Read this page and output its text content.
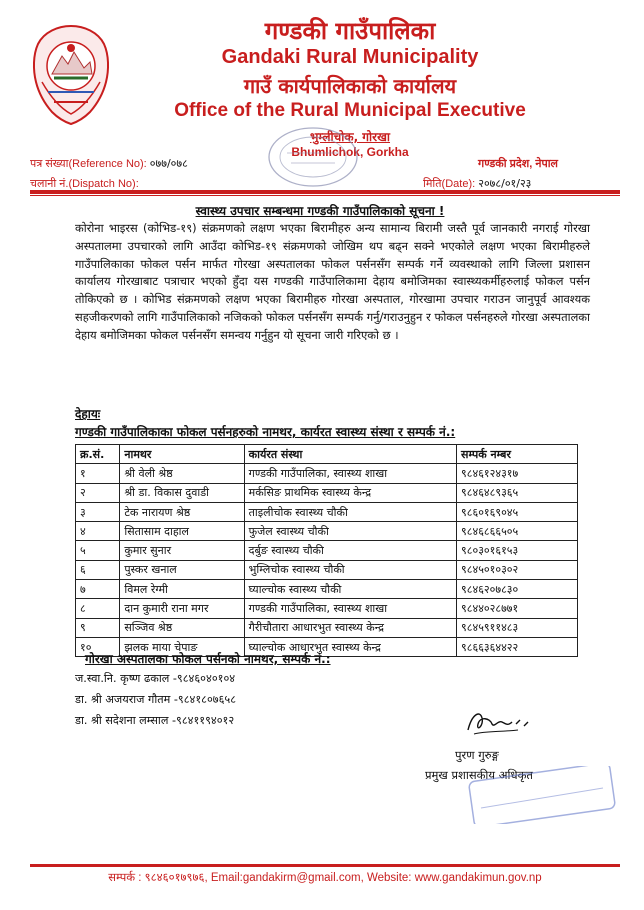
गण्डकी गाउँपालिका
Gandaki Rural Municipality
गाउँ कार्यपालिकाको कार्यालय
Office of the Rural Municipal Executive
भुम्लीचोक, गोरखा
Bhumlichok, Gorkha
पत्र संख्या(Reference No): ०७७/०७८
चलानी नं.(Dispatch No):
गण्डकी प्रदेश, नेपाल
मिति(Date): २०७८/०१/२३
स्वास्थ्य उपचार सम्बन्धमा गण्डकी गाउँपालिकाको सूचना !
कोरोना भाइरस (कोभिड-१९) संक्रमणको लक्षण भएका बिरामीहरु अन्य सामान्य बिरामी जस्तै पूर्व जानकारी नगराई गोरखा अस्पतालमा उपचारको लागि आउँदा कोभिड-१९ संक्रमणको जोखिम थप बढ्न सक्ने भएकोले लक्षण भएका बिरामीहरुले गाउँपालिकाका फोकल पर्सन मार्फत गोरखा अस्पतालका फोकल पर्सनसँग सम्पर्क गर्ने व्यवस्थाको लागि जिल्ला प्रशासन कार्यालय गोरखाबाट पत्राचार भएको हुँदा यस गण्डकी गाउँपालिकामा देहाय बमोजिमका स्वास्थ्यकर्मीहरुलाई फोकल पर्सन तोकिएको छ । कोभिड संक्रमणको लक्षण भएका बिरामीहरु गोरखा अस्पताल, गोरखामा उपचार गराउन जानुपूर्व आवश्यक सहजीकरणको लागि गाउँपालिकाको नजिकको फोकल पर्सनसँग सम्पर्क गर्नु/गराउनुहुन र फोकल पर्सनहरुले गोरखा अस्पतालका देहाय बमोजिमका फोकल पर्सनसँग समन्वय गर्नुहुन यो सूचना जारी गरिएको छ ।
देहायः
गण्डकी गाउँपालिकाका फोकल पर्सनहरुको नामथर, कार्यरत स्वास्थ्य संस्था र सम्पर्क नं.:
क्र.सं.	नामथर	कार्यरत संस्था	सम्पर्क नम्बर
१	श्री वेली श्रेष्ठ	गण्डकी गाउँपालिका, स्वास्थ्य शाखा	९८४६१२४३१७
२	श्री डा. विकास दुवाडी	मर्कसिङ प्राथमिक स्वास्थ्य केन्द्र	९८४६४८९३६५
३	टेक नारायण श्रेष्ठ	ताइलीचोक स्वास्थ्य चौकी	९८६०१६९०४५
४	सितासाम दाहाल	फुजेल स्वास्थ्य चौकी	९८४६८६६५०५
५	कुमार सुनार	दर्बुङ स्वास्थ्य चौकी	९८०३०१६१५३
६	पुस्कर खनाल	भुम्लिचोक स्वास्थ्य चौकी	९८४५०१०३०२
७	विमल रेग्मी	घ्याल्चोक स्वास्थ्य चौकी	९८४६२०७८३०
८	दान कुमारी राना मगर	गण्डकी गाउँपालिका, स्वास्थ्य शाखा	९८४४०२८७७१
९	सञ्जिव श्रेष्ठ	गैरीचौतारा आधारभुत स्वास्थ्य केन्द्र	९८४५९११४८३
१०	झलक माया चेपाङ	घ्याल्चोक आधारभुत स्वास्थ्य केन्द्र	९८६६३६४४२२
गोरखा अस्पतालका फोकल पर्सनको नामथर, सम्पर्क नं.:
ज.स्वा.नि. कृष्ण ढकाल -९८४६०४०१०४
डा. श्री अजयराज गौतम -९८४१८०७६५८
डा. श्री सदेशना लम्साल -९८४११९४०१२
पुरण गुरुङ्ग
प्रमुख प्रशासकीय अधिकृत
सम्पर्क : ९८४६०१७९७६, Email:gandakirm@gmail.com, Website: www.gandakimun.gov.np
